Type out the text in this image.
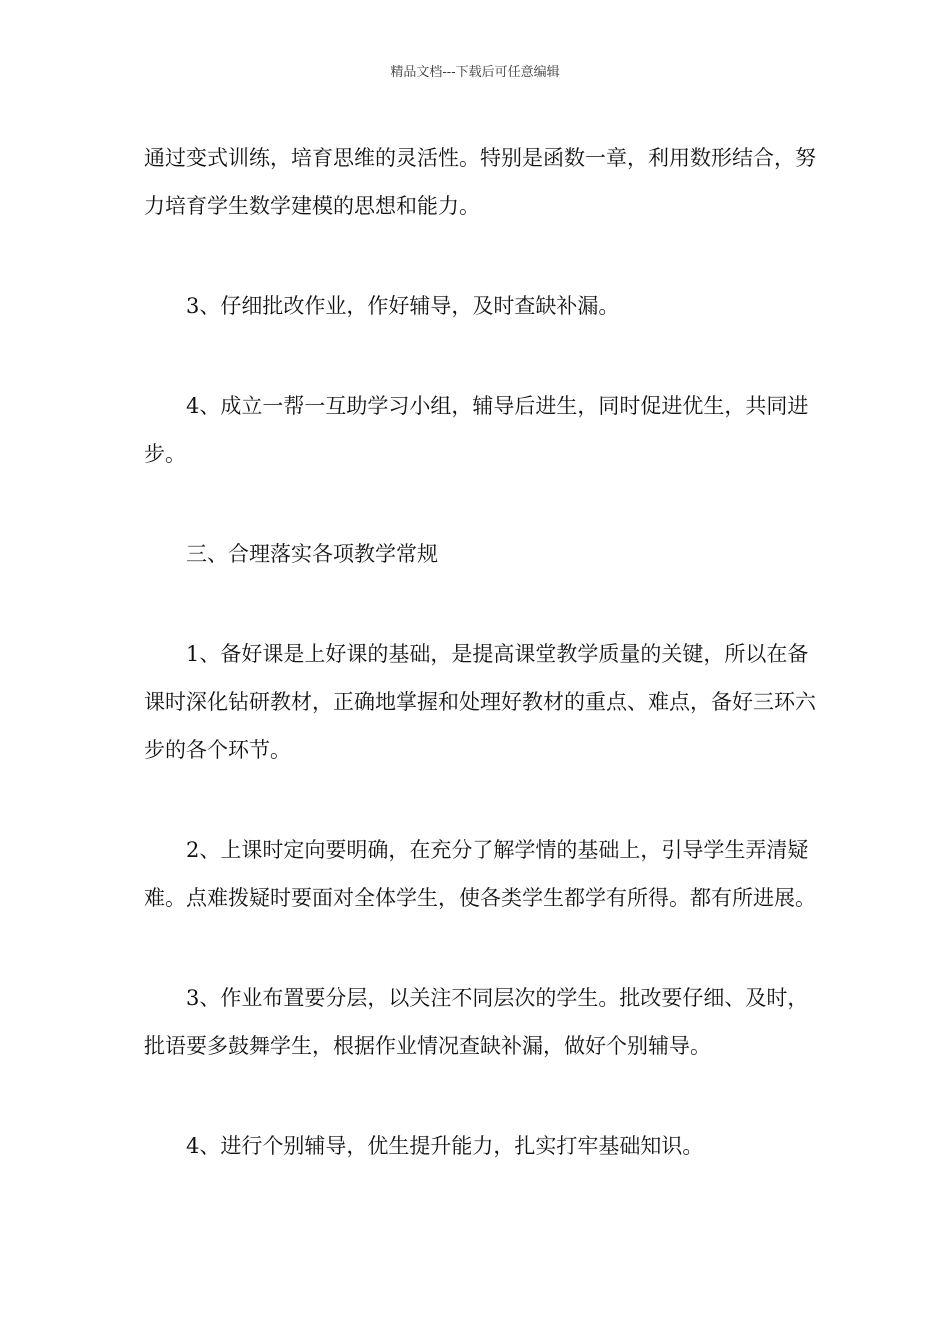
精品文档---下载后可任意编辑

通过变式训练，培育思维的灵活性。特别是函数一章，利用数形结合，努力培育学生数学建模的思想和能力。

3、仔细批改作业，作好辅导，及时查缺补漏。

4、成立一帮一互助学习小组，辅导后进生，同时促进优生，共同进步。

三、合理落实各项教学常规

1、备好课是上好课的基础，是提高课堂教学质量的关键，所以在备课时深化钻研教材，正确地掌握和处理好教材的重点、难点，备好三环六步的各个环节。

2、上课时定向要明确，在充分了解学情的基础上，引导学生弄清疑难。点难拨疑时要面对全体学生，使各类学生都学有所得。都有所进展。

3、作业布置要分层，以关注不同层次的学生。批改要仔细、及时，批语要多鼓舞学生，根据作业情况查缺补漏，做好个别辅导。

4、进行个别辅导，优生提升能力，扎实打牢基础知识。
